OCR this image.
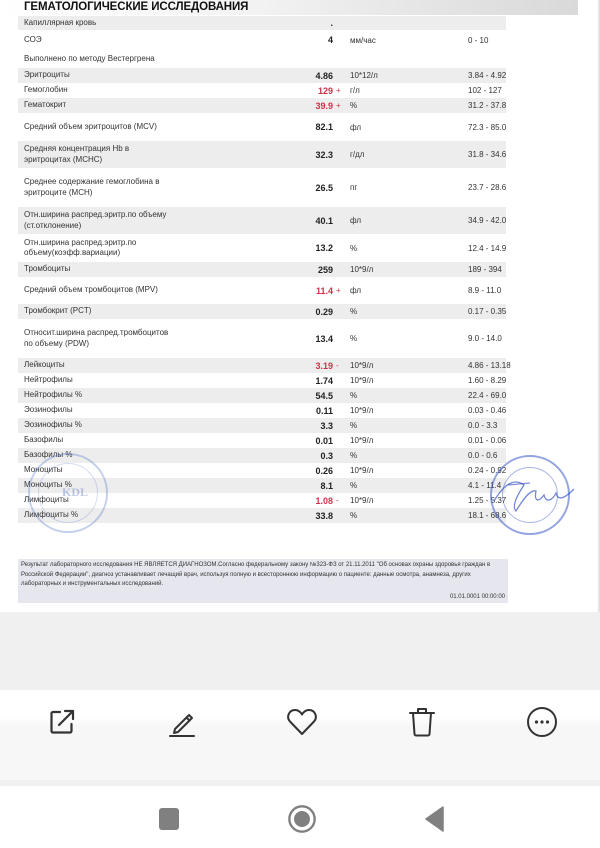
ГЕМАТОЛОГИЧЕСКИЕ ИССЛЕДОВАНИЯ
Капиллярная кровь	.
СОЭ	4 мм/час	0 - 10
Выполнено по методу Вестергрена
Эритроциты	4.86 10*12/л	3.84 - 4.92
Гемоглобин	129 + г/л	102 - 127
Гематокрит	39.9 + %	31.2 - 37.8
Средний объем эритроцитов (MCV)	82.1 фл	72.3 - 85.0
Средняя концентрация Hb в эритроцитах (MCHC)	32.3 г/дл	31.8 - 34.6
Среднее содержание гемоглобина в эритроците (MCH)	26.5 пг	23.7 - 28.6
Отн.ширина распред.эритр.по объему (ст.отклонение)	40.1 фл	34.9 - 42.0
Отн.ширина распред.эритр.по объему(коэфф.вариации)	13.2 %	12.4 - 14.9
Тромбоциты	259 10*9/л	189 - 394
Средний объем тромбоцитов (MPV)	11.4 + фл	8.9 - 11.0
Тромбокрит (PCT)	0.29 %	0.17 - 0.35
Относит.ширина распред.тромбоцитов по объему (PDW)	13.4 %	9.0 - 14.0
Лейкоциты	3.19 - 10*9/л	4.86 - 13.18
Нейтрофилы	1.74 10*9/л	1.60 - 8.29
Нейтрофилы %	54.5 %	22.4 - 69.0
Эозинофилы	0.11 10*9/л	0.03 - 0.46
Эозинофилы %	3.3 %	0.0 - 3.3
Базофилы	0.01 10*9/л	0.01 - 0.06
Базофилы %	0.3 %	0.0 - 0.6
Моноциты	0.26 10*9/л	0.24 - 0.92
Моноциты %	8.1 %	4.1 - 11.4
Лимфоциты	1.08 - 10*9/л	1.25 - 5.37
Лимфоциты %	33.8 %	18.1 - 68.6
KDL
Результат лабораторного исследования НЕ ЯВЛЯЕТСЯ ДИАГНОЗОМ.Согласно федеральному закону №323-ФЗ от 21.11.2011 "Об основах охраны здоровья граждан в Российской Федерации", диагноз устанавливает лечащий врач, используя полную и всестороннюю информацию о пациенте: данные осмотра, анамнеза, других лабораторных и инструментальных исследований.
01.01.0001 00:00:00
